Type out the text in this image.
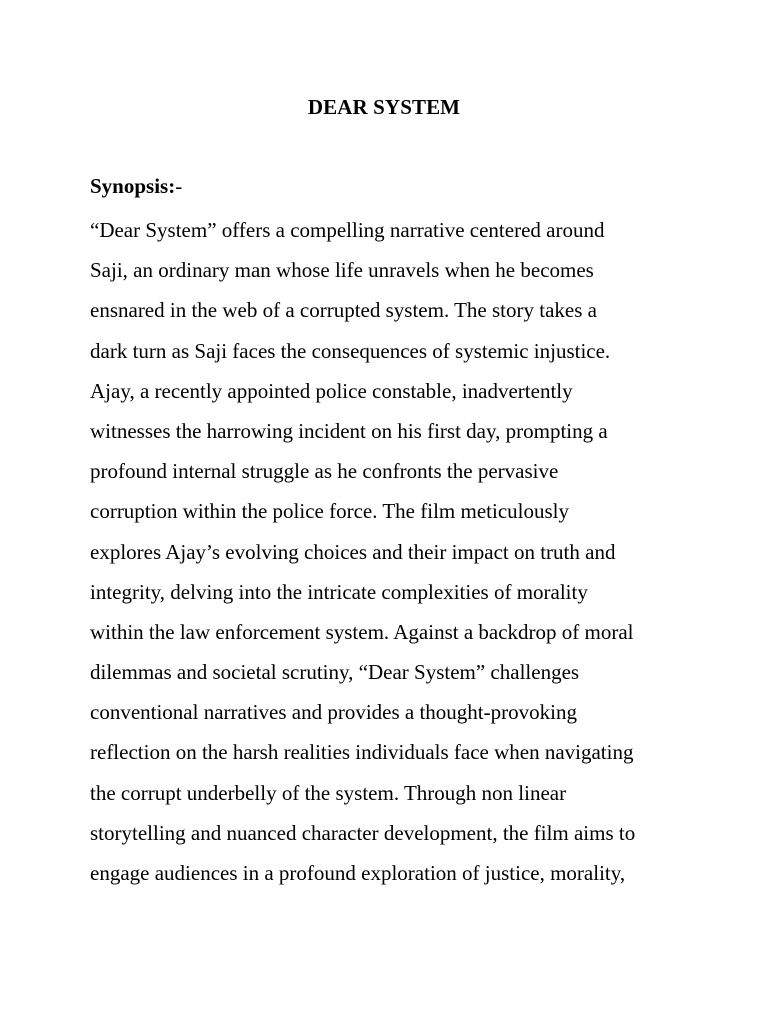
DEAR SYSTEM
Synopsis:-
“Dear System” offers a compelling narrative centered around
Saji, an ordinary man whose life unravels when he becomes
ensnared in the web of a corrupted system. The story takes a
dark turn as Saji faces the consequences of systemic injustice.
Ajay, a recently appointed police constable, inadvertently
witnesses the harrowing incident on his first day, prompting a
profound internal struggle as he confronts the pervasive
corruption within the police force. The film meticulously
explores Ajay’s evolving choices and their impact on truth and
integrity, delving into the intricate complexities of morality
within the law enforcement system. Against a backdrop of moral
dilemmas and societal scrutiny, “Dear System” challenges
conventional narratives and provides a thought-provoking
reflection on the harsh realities individuals face when navigating
the corrupt underbelly of the system. Through non linear
storytelling and nuanced character development, the film aims to
engage audiences in a profound exploration of justice, morality,
